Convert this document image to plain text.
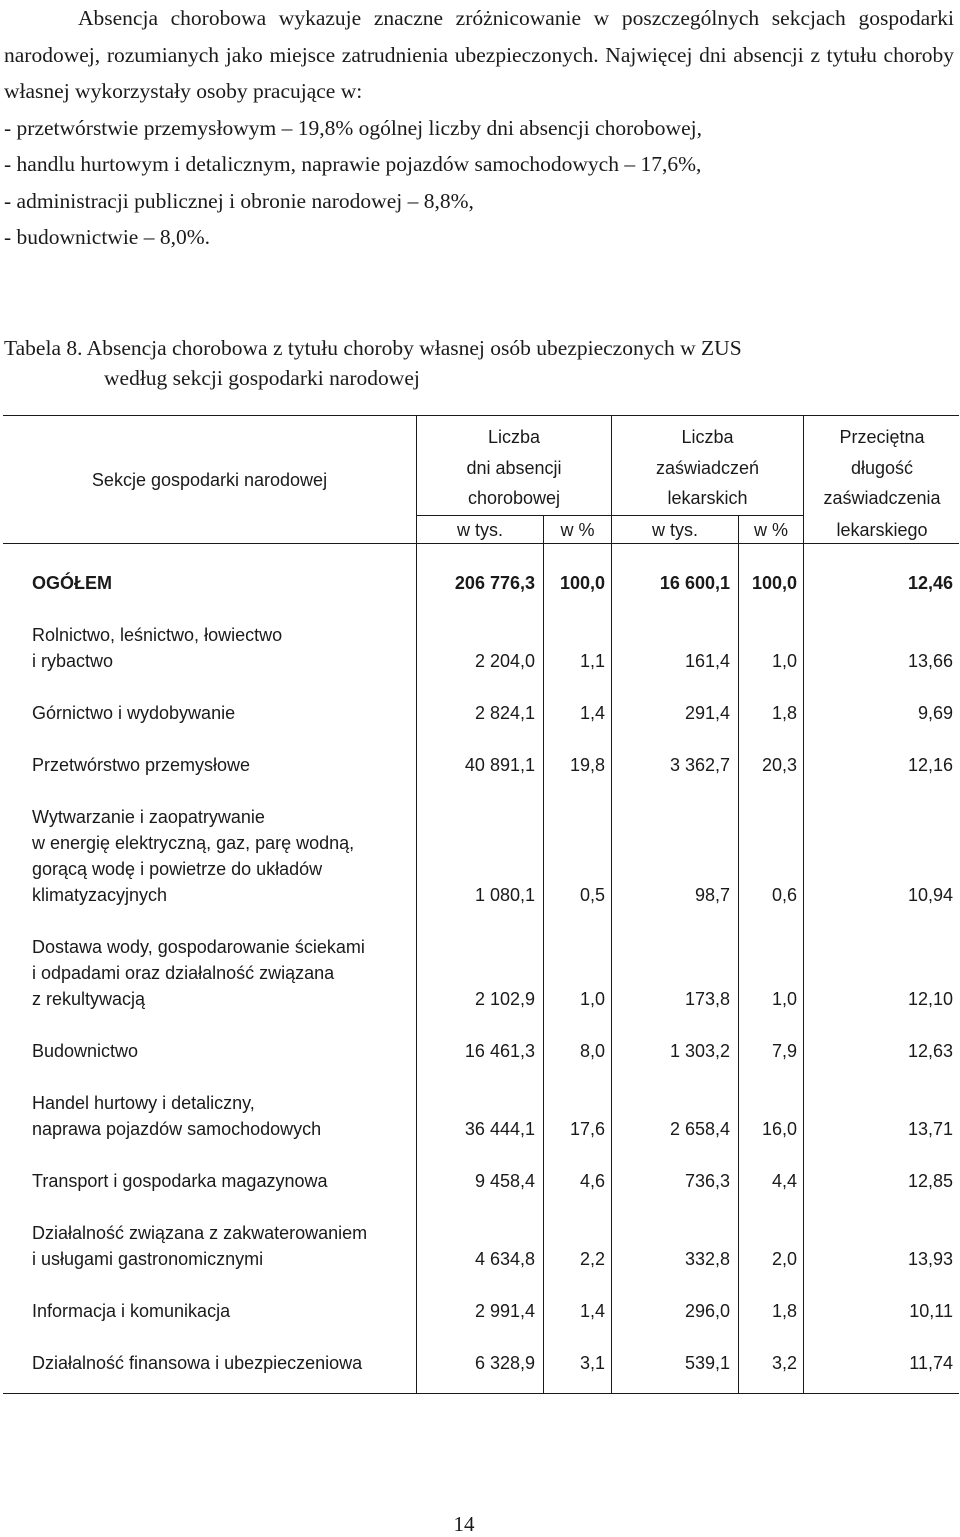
Absencja chorobowa wykazuje znaczne zróżnicowanie w poszczególnych sekcjach gospodarki narodowej, rozumianych jako miejsce zatrudnienia ubezpieczonych. Najwięcej dni absencji z tytułu choroby własnej wykorzystały osoby pracujące w:

- przetwórstwie przemysłowym – 19,8% ogólnej liczby dni absencji chorobowej,

- handlu hurtowym i detalicznym, naprawie pojazdów samochodowych – 17,6%,

- administracji publicznej i obronie narodowej – 8,8%,

- budownictwie – 8,0%.

Tabela 8. Absencja chorobowa z tytułu choroby własnej osób ubezpieczonych w ZUS
według sekcji gospodarki narodowej
Sekcje gospodarki narodowej
Liczba
dni absencji
chorobowej
Liczba
zaświadczeń
lekarskich
w tys.	w %	w tys.	w %
Przeciętna
długość
zaświadczenia
lekarskiego
OGÓŁEM	206 776,3	100,0	16 600,1	100,0	12,46
Rolnictwo, leśnictwo, łowiectwo
i rybactwo	2 204,0	1,1	161,4	1,0	13,66
Górnictwo i wydobywanie	2 824,1	1,4	291,4	1,8	9,69
Przetwórstwo przemysłowe	40 891,1	19,8	3 362,7	20,3	12,16
Wytwarzanie i zaopatrywanie
w energię elektryczną, gaz, parę wodną,
gorącą wodę i powietrze do układów
klimatyzacyjnych	1 080,1	0,5	98,7	0,6	10,94
Dostawa wody, gospodarowanie ściekami
i odpadami oraz działalność związana
z rekultywacją	2 102,9	1,0	173,8	1,0	12,10
Budownictwo	16 461,3	8,0	1 303,2	7,9	12,63
Handel hurtowy i detaliczny,
naprawa pojazdów samochodowych	36 444,1	17,6	2 658,4	16,0	13,71
Transport i gospodarka magazynowa	9 458,4	4,6	736,3	4,4	12,85
Działalność związana z zakwaterowaniem
i usługami gastronomicznymi	4 634,8	2,2	332,8	2,0	13,93
Informacja i komunikacja	2 991,4	1,4	296,0	1,8	10,11
Działalność finansowa i ubezpieczeniowa	6 328,9	3,1	539,1	3,2	11,74
14
